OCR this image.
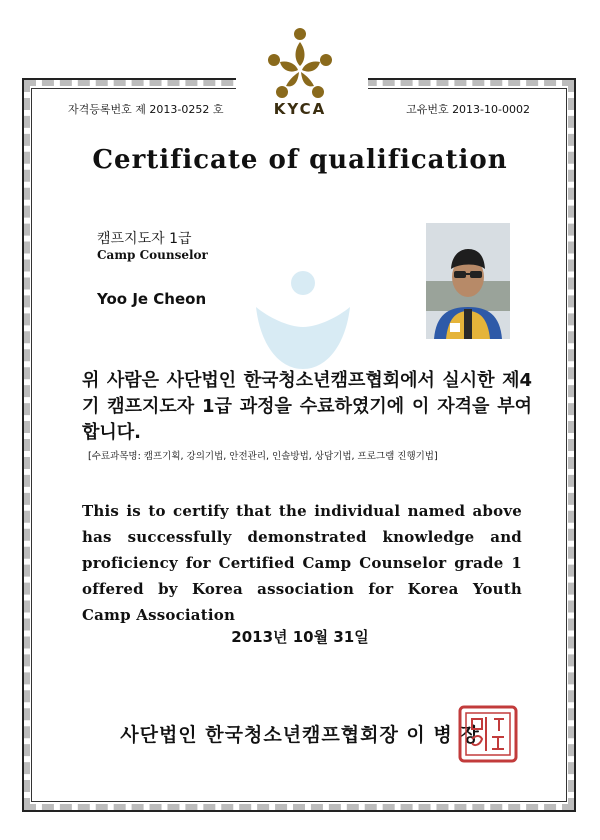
KYCA
자격등록번호 제 2013-0252 호	고유번호 2013-10-0002
Certificate of qualification
캠프지도자 1급
Camp Counselor
Yoo Je Cheon
위 사람은 사단법인 한국청소년캠프협회에서 실시한 제4기 캠프지도자 1급 과정을 수료하였기에 이 자격을 부여합니다.
[수료과목명: 캠프기획, 강의기법, 안전관리, 인솔방법, 상담기법, 프로그램 진행기법]
This is to certify that the individual named above has successfully demonstrated knowledge and proficiency for Certified Camp Counselor grade 1 offered by Korea association for Korea Youth Camp Association
2013년 10월 31일
사단법인 한국청소년캠프협회장 이 병 장
